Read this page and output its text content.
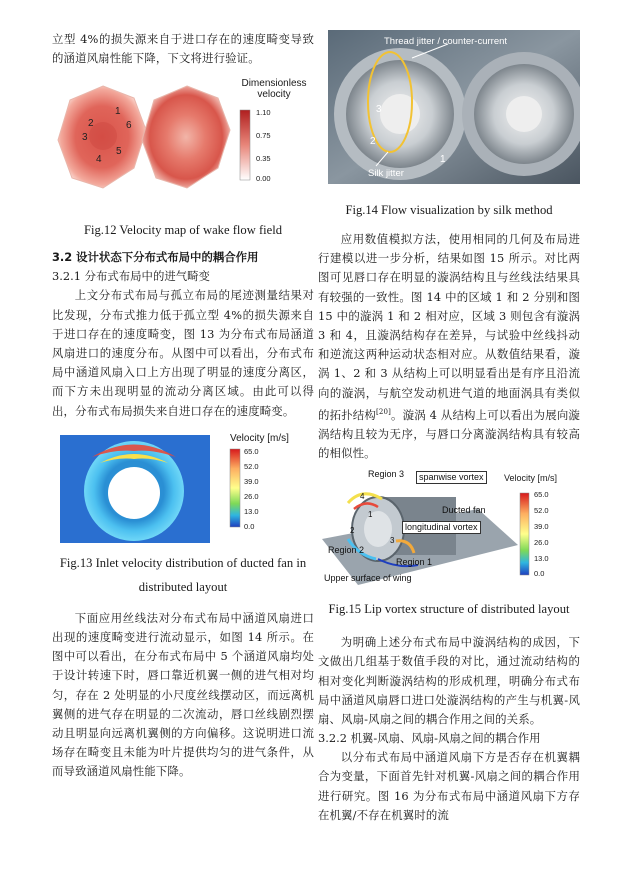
立型 4%的损失源来自于进口存在的速度畸变导致的涵道风扇性能下降，下文将进行验证。

1
2
3
4
5
6
Dimensionless velocity
1.10
0.75
0.35
0.00

Fig.12 Velocity map of wake flow field

3.2 设计状态下分布式布局中的耦合作用

3.2.1 分布式布局中的进气畸变

上文分布式布局与孤立布局的尾迹测量结果对比发现，分布式推力低于孤立型 4%的损失源来自于进口存在的速度畸变，图 13 为分布式布局涵道风扇进口的速度分布。从图中可以看出，分布式布局中涵道风扇入口上方出现了明显的速度分离区，而下方未出现明显的流动分离区域。由此可以得出，分布式布局损失来自进口存在的速度畸变。

Velocity [m/s]
65.0
52.0
39.0
26.0
13.0
0.0

Fig.13 Inlet velocity distribution of ducted fan in

distributed layout

下面应用丝线法对分布式布局中涵道风扇进口出现的速度畸变进行流动显示，如图 14 所示。在图中可以看出，在分布式布局中 5 个涵道风扇均处于设计转速下时，唇口靠近机翼一侧的进气相对均匀，存在 2 处明显的小尺度丝线摆动区，而远离机翼侧的进气存在明显的二次流动，唇口丝线剧烈摆动且明显向远离机翼侧的方向偏移。这说明进口流场存在畸变且未能为叶片提供均匀的进气条件，从而导致涵道风扇性能下降。

Thread jitter / counter-current
Silk jitter
1
2
3

Fig.14 Flow visualization by silk method

应用数值模拟方法，使用相同的几何及布局进行建模以进一步分析，结果如图 15 所示。对比两图可见唇口存在明显的漩涡结构且与丝线法结果具有较强的一致性。图 14 中的区域 1 和 2 分别和图 15 中的漩涡 1 和 2 相对应，区域 3 则包含有漩涡 3 和 4，且漩涡结构存在差异，与试验中丝线抖动和逆流这两种运动状态相对应。从数值结果看，漩涡 1、2 和 3 从结构上可以明显看出是有序且沿流向的漩涡，与航空发动机进气道的地面涡具有类似的拓扑结构[20]。漩涡 4 从结构上可以看出为展向漩涡结构且较为无序，与唇口分离漩涡结构具有较高的相似性。

Region 3	spanwise vortex
Ducted fan
longitudinal vortex
Region 2
Region 1
Upper surface of wing
1
2
3
4
Velocity [m/s]
65.0
52.0
39.0
26.0
13.0
0.0

Fig.15 Lip vortex structure of distributed layout

为明确上述分布式布局中漩涡结构的成因，下文做出几组基于数值手段的对比，通过流动结构的相对变化判断漩涡结构的形成机理，明确分布式布局中涵道风扇唇口进口处漩涡结构的产生与机翼-风扇、风扇-风扇之间的耦合作用之间的关系。

3.2.2 机翼-风扇、风扇-风扇之间的耦合作用

以分布式布局中涵道风扇下方是否存在机翼耦合为变量，下面首先针对机翼-风扇之间的耦合作用进行研究。图 16 为分布式布局中涵道风扇下方存在机翼/不存在机翼时的流
